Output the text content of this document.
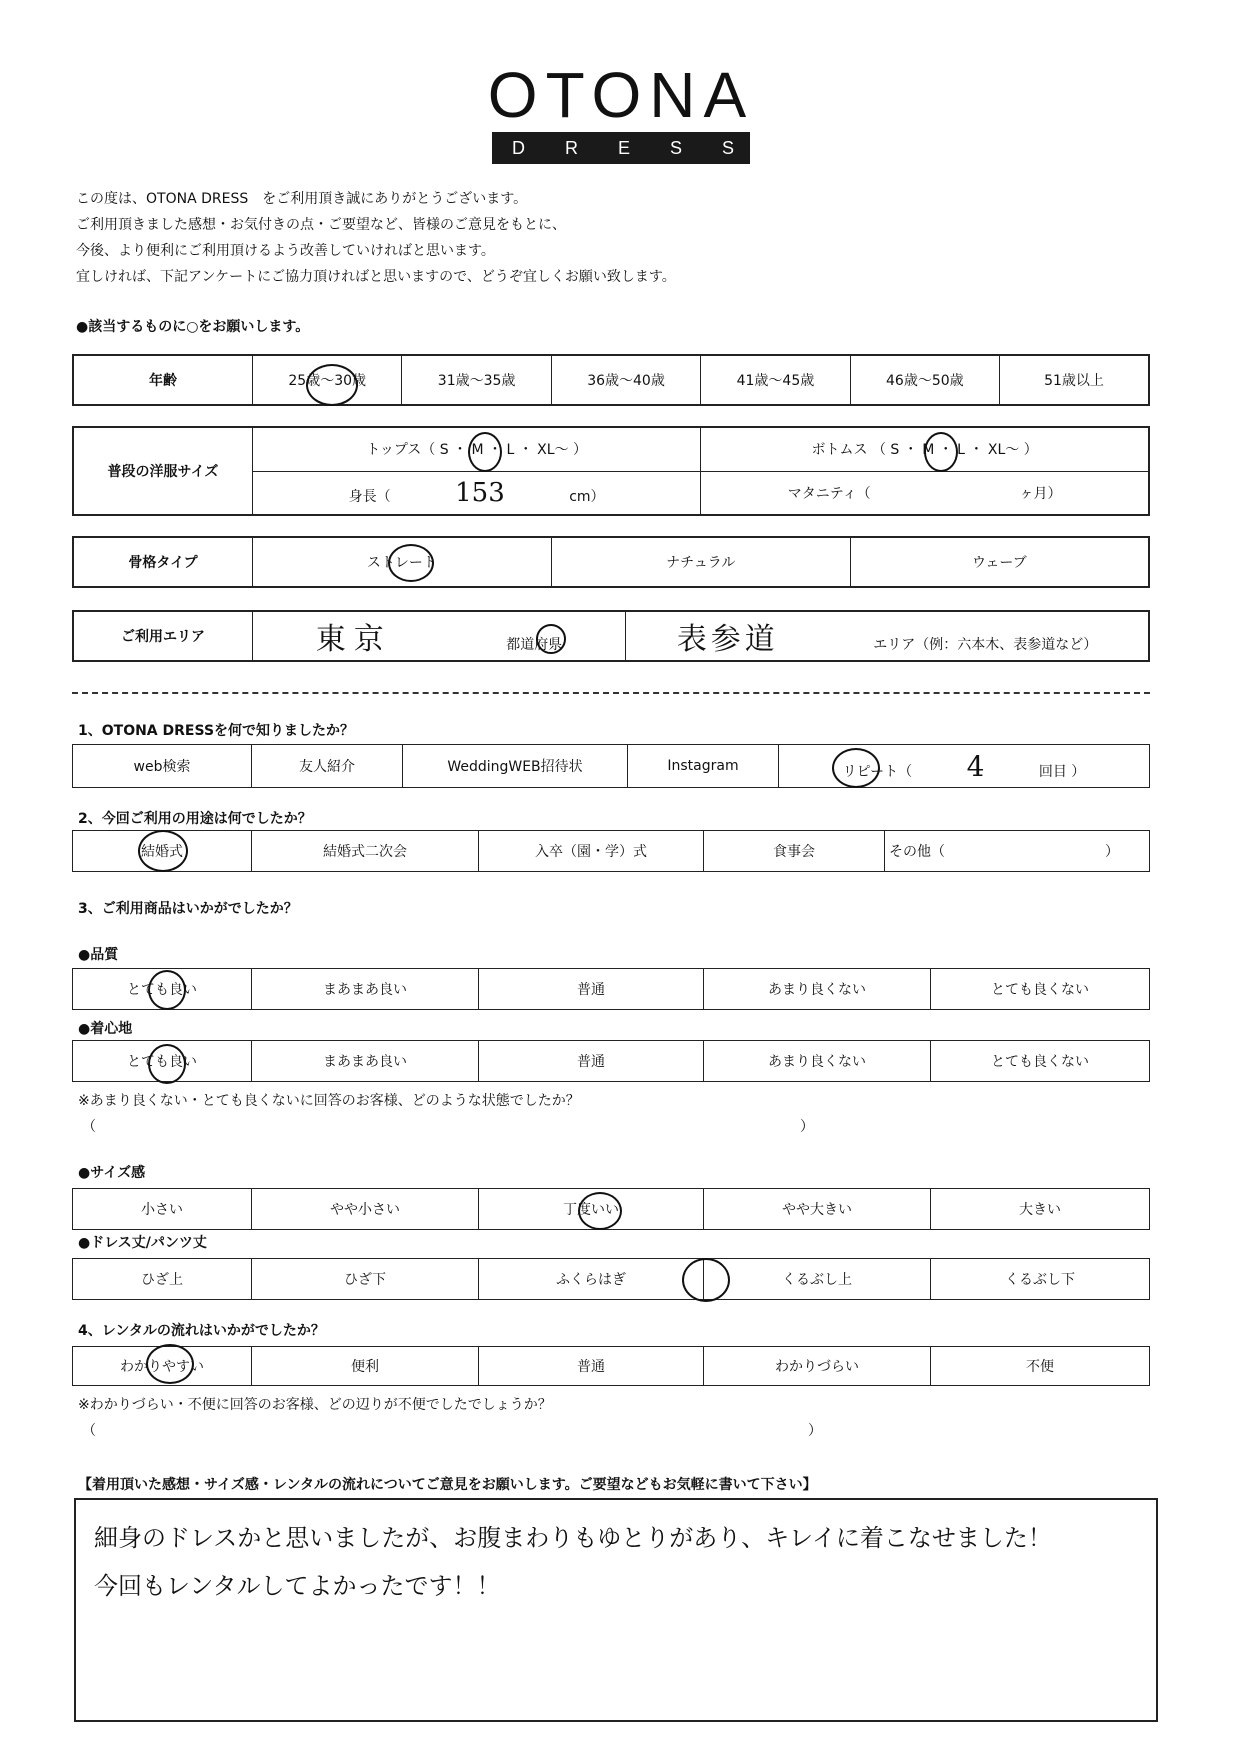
OTONA
DRESS
この度は、OTONA DRESS　をご利用頂き誠にありがとうございます。
ご利用頂きました感想・お気付きの点・ご要望など、皆様のご意見をもとに、
今後、より便利にご利用頂けるよう改善していければと思います。
宜しければ、下記アンケートにご協力頂ければと思いますので、どうぞ宜しくお願い致します。
●該当するものに○をお願いします。
年齢	25歳〜30歳	31歳〜35歳	36歳〜40歳	41歳〜45歳	46歳〜50歳	51歳以上
普段の洋服サイズ	トップス（ S ・ M ・ L ・ XL〜 ）	ボトムス （ S ・ M ・ L ・ XL〜 ）
	身長（ 153 cm）	マタニティ（ ヶ月）
骨格タイプ	ストレート	ナチュラル	ウェーブ
ご利用エリア	東京	都道府県	表参道	エリア（例：六本木、表参道など）
1、OTONA DRESSを何で知りましたか？
web検索	友人紹介	WeddingWEB招待状	Instagram	リピート（ 4	回目 ）
2、今回ご利用の用途は何でしたか？
結婚式	結婚式二次会	入卒（園・学）式	食事会	その他（	）
3、ご利用商品はいかがでしたか？
●品質
とても良い	まあまあ良い	普通	あまり良くない	とても良くない
●着心地
とても良い	まあまあ良い	普通	あまり良くない	とても良くない
※あまり良くない・とても良くないに回答のお客様、どのような状態でしたか？
（	）
●サイズ感
小さい	やや小さい	丁度いい	やや大きい	大きい
●ドレス丈/パンツ丈
ひざ上	ひざ下	ふくらはぎ	くるぶし上	くるぶし下
4、レンタルの流れはいかがでしたか？
わかりやすい	便利	普通	わかりづらい	不便
※わかりづらい・不便に回答のお客様、どの辺りが不便でしたでしょうか？
（	）
【着用頂いた感想・サイズ感・レンタルの流れについてご意見をお願いします。ご要望などもお気軽に書いて下さい】
細身のドレスかと思いましたが、お腹まわりもゆとりがあり、キレイに着こなせました！
今回もレンタルしてよかったです！！
